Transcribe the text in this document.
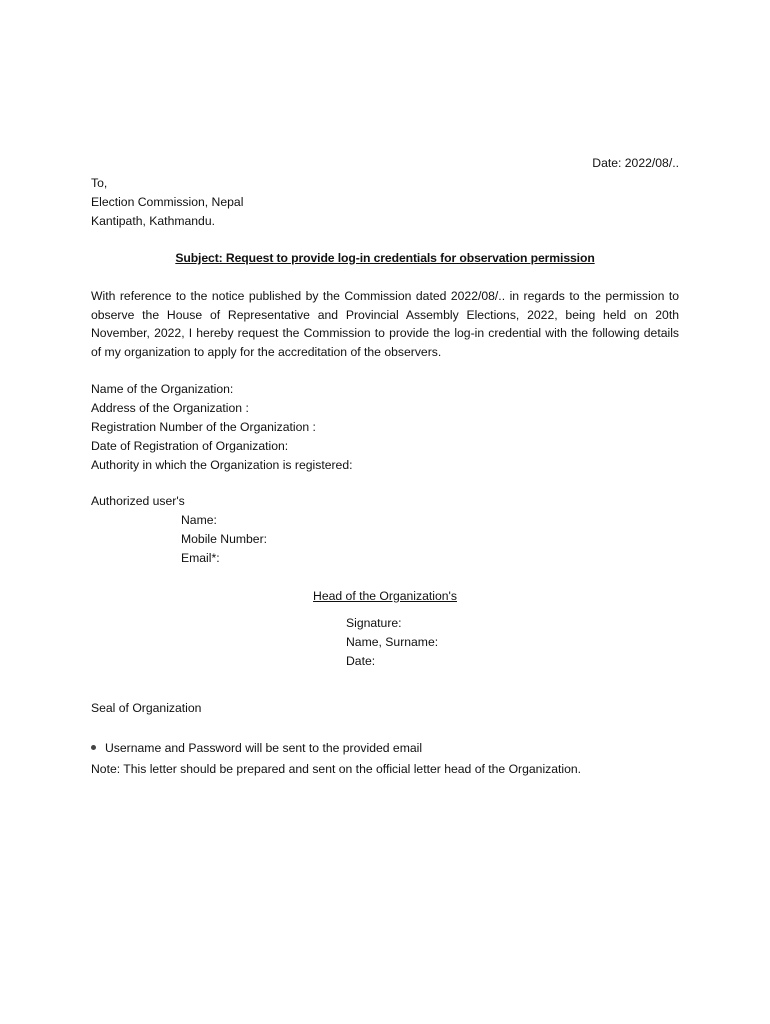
Date: 2022/08/..
To,
Election Commission, Nepal
Kantipath, Kathmandu.
Subject: Request to provide log-in credentials for observation permission
With reference to the notice published by the Commission dated 2022/08/.. in regards to the permission to observe the House of Representative and Provincial Assembly Elections, 2022, being held on 20th November, 2022, I hereby request the Commission to provide the log-in credential with the following details of my organization to apply for the accreditation of the observers.
Name of the Organization:
Address of the Organization :
Registration Number of the Organization :
Date of Registration of Organization:
Authority in which the Organization is registered:
Authorized user's
Name:
Mobile Number:
Email*:
Head of the Organization's
Signature:
Name, Surname:
Date:
Seal of Organization
Username and Password will be sent to the provided email
Note: This letter should be prepared and sent on the official letter head of the Organization.
